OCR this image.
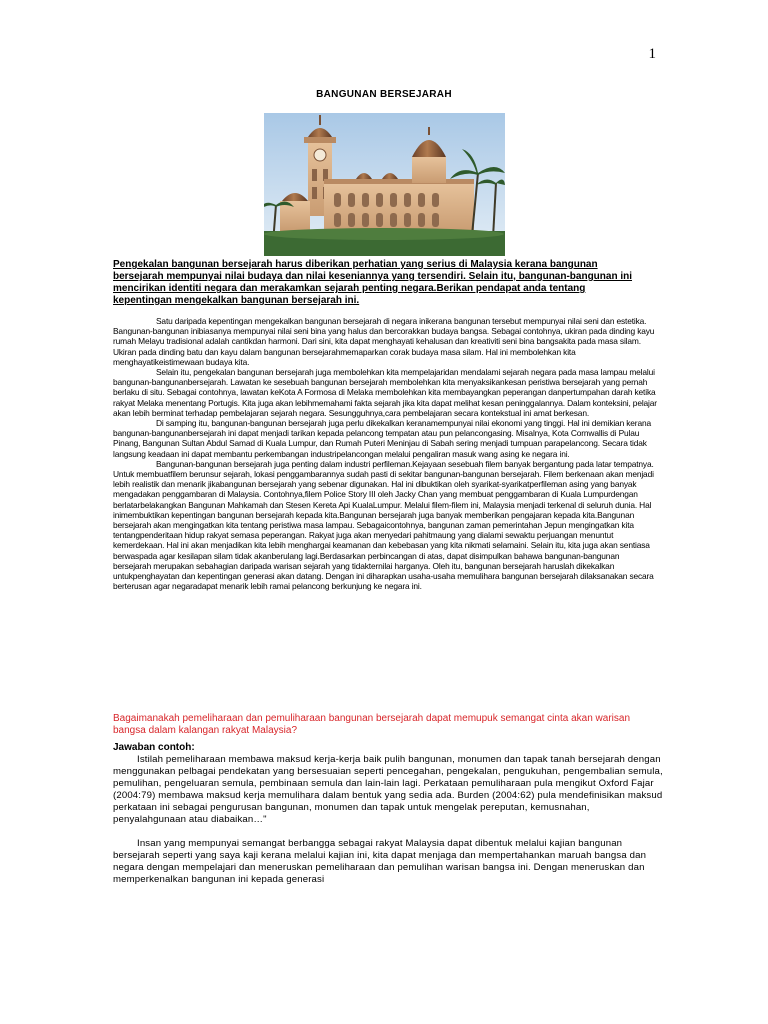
1
BANGUNAN BERSEJARAH
Pengekalan bangunan bersejarah harus diberikan perhatian yang serius di Malaysia kerana bangunan bersejarah mempunyai nilai budaya dan nilai keseniannya yang tersendiri. Selain itu, bangunan-bangunan ini mencirikan identiti negara dan merakamkan sejarah penting negara.Berikan pendapat anda tentang kepentingan mengekalkan bangunan bersejarah ini.

Satu daripada kepentingan mengekalkan bangunan bersejarah di negara inikerana bangunan tersebut mempunyai nilai seni dan estetika. Bangunan-bangunan inibiasanya mempunyai nilai seni bina yang halus dan bercorakkan budaya bangsa. Sebagai contohnya, ukiran pada dinding kayu rumah Melayu tradisional adalah cantikdan harmoni. Dari sini, kita dapat menghayati kehalusan dan kreativiti seni bina bangsakita pada masa silam. Ukiran pada dinding batu dan kayu dalam bangunan bersejarahmemaparkan corak budaya masa silam. Hal ini membolehkan kita menghayatikeistimewaan budaya kita.

Selain itu, pengekalan bangunan bersejarah juga membolehkan kita mempelajaridan mendalami sejarah negara pada masa lampau melalui bangunan-bangunanbersejarah. Lawatan ke sesebuah bangunan bersejarah membolehkan kita menyaksikankesan peristiwa bersejarah yang pernah berlaku di situ. Sebagai contohnya, lawatan keKota A Formosa di Melaka membolehkan kita membayangkan peperangan danpertumpahan darah ketika rakyat Melaka menentang Portugis. Kita juga akan lebihmemahami fakta sejarah jika kita dapat melihat kesan peninggalannya. Dalam konteksini, pelajar akan lebih berminat terhadap pembelajaran sejarah negara. Sesungguhnya,cara pembelajaran secara kontekstual ini amat berkesan.

Di samping itu, bangunan-bangunan bersejarah juga perlu dikekalkan keranamempunyai nilai ekonomi yang tinggi. Hal ini demikian kerana bangunan-bangunanbersejarah ini dapat menjadi tarikan kepada pelancong tempatan atau pun pelancongasing. Misalnya, Kota Cornwallis di Pulau Pinang, Bangunan Sultan Abdul Samad di Kuala Lumpur, dan Rumah Puteri Meninjau di Sabah sering menjadi tumpuan parapelancong. Secara tidak langsung keadaan ini dapat membantu perkembangan industripelancongan melalui pengaliran masuk wang asing ke negara ini.

Bangunan-bangunan bersejarah juga penting dalam industri perfileman.Kejayaan sesebuah filem banyak bergantung pada latar tempatnya. Untuk membuatfilem berunsur sejarah, lokasi penggambarannya sudah pasti di sekitar bangunan-bangunan bersejarah. Filem berkenaan akan menjadi lebih realistik dan menarik jikabangunan bersejarah yang sebenar digunakan. Hal ini dibuktikan oleh syarikat-syarikatperfileman asing yang banyak mengadakan penggambaran di Malaysia. Contohnya,filem Police Story III oleh Jacky Chan yang membuat penggambaran di Kuala Lumpurdengan berlatarbelakangkan Bangunan Mahkamah dan Stesen Kereta Api KualaLumpur. Melalui filem-filem ini, Malaysia menjadi terkenal di seluruh dunia. Hal inimembuktikan kepentingan bangunan bersejarah kepada kita.Bangunan bersejarah juga banyak memberikan pengajaran kepada kita.Bangunan bersejarah akan mengingatkan kita tentang peristiwa masa lampau. Sebagaicontohnya, bangunan zaman pemerintahan Jepun mengingatkan kita tentangpenderitaan hidup rakyat semasa peperangan. Rakyat juga akan menyedari pahitmaung yang dialami sewaktu perjuangan menuntut kemerdekaan. Hal ini akan menjadikan kita lebih menghargai keamanan dan kebebasan yang kita nikmati selamaini. Selain itu, kita juga akan sentiasa berwaspada agar kesilapan silam tidak akanberulang lagi.Berdasarkan perbincangan di atas, dapat disimpulkan bahawa bangunan-bangunan bersejarah merupakan sebahagian daripada warisan sejarah yang tidakternilai harganya. Oleh itu, bangunan bersejarah haruslah dikekalkan untukpenghayatan dan kepentingan generasi akan datang. Dengan ini diharapkan usaha-usaha memulihara bangunan bersejarah dilaksanakan secara berterusan agar negaradapat menarik lebih ramai pelancong berkunjung ke negara ini.

Bagaimanakah pemeliharaan dan pemuliharaan bangunan bersejarah dapat memupuk semangat cinta akan warisan bangsa dalam kalangan rakyat Malaysia?
Jawaban contoh:

Istilah pemeliharaan membawa maksud kerja-kerja baik pulih bangunan, monumen dan tapak tanah bersejarah dengan menggunakan pelbagai pendekatan yang bersesuaian seperti pencegahan, pengekalan, pengukuhan, pengembalian semula, pemulihan, pengeluaran semula, pembinaan semula dan lain-lain lagi. Perkataan pemuliharaan pula mengikut Oxford Fajar (2004:79) membawa maksud kerja memulihara dalam bentuk yang sedia ada. Burden (2004:62) pula mendefinisikan maksud perkataan ini sebagai pengurusan bangunan, monumen dan tapak untuk mengelak pereputan, kemusnahan, penyalahgunaan atau diabaikan…"

Insan yang mempunyai semangat berbangga sebagai rakyat Malaysia dapat dibentuk melalui kajian bangunan bersejarah seperti yang saya kaji kerana melalui kajian ini, kita dapat menjaga dan mempertahankan maruah bangsa dan negara dengan mempelajari dan meneruskan pemeliharaan dan pemulihan warisan bangsa ini. Dengan meneruskan dan memperkenalkan bangunan ini kepada generasi
